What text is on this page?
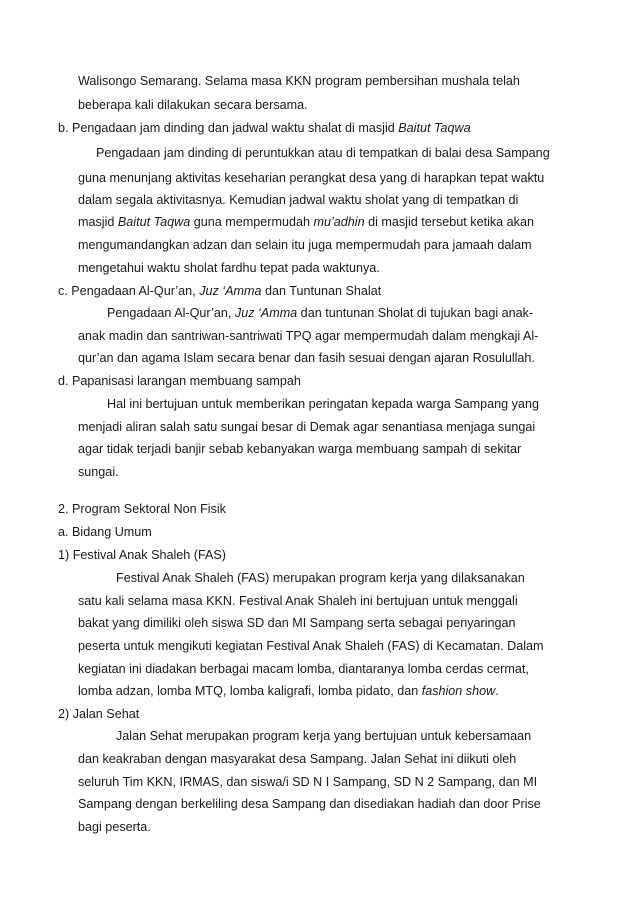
Walisongo Semarang. Selama masa KKN program pembersihan mushala telah
beberapa kali dilakukan secara bersama.
b. Pengadaan jam dinding dan jadwal waktu shalat di masjid Baitut Taqwa
Pengadaan jam dinding di peruntukkan atau di tempatkan di balai desa Sampang
guna menunjang aktivitas keseharian perangkat desa yang di harapkan tepat waktu
dalam segala aktivitasnya. Kemudian jadwal waktu sholat yang di tempatkan di
masjid Baitut Taqwa guna mempermudah mu’adhin di masjid tersebut ketika akan
mengumandangkan adzan dan selain itu juga mempermudah para jamaah dalam
mengetahui waktu sholat fardhu tepat pada waktunya.
c. Pengadaan Al-Qur’an, Juz ‘Amma dan Tuntunan Shalat
Pengadaan Al-Qur’an, Juz ‘Amma dan tuntunan Sholat di tujukan bagi anak-
anak madin dan santriwan-santriwati TPQ agar mempermudah dalam mengkaji Al-
qur’an dan agama Islam secara benar dan fasih sesuai dengan ajaran Rosulullah.
d. Papanisasi larangan membuang sampah
Hal ini bertujuan untuk memberikan peringatan kepada warga Sampang yang
menjadi aliran salah satu sungai besar di Demak agar senantiasa menjaga sungai
agar tidak terjadi banjir sebab kebanyakan warga membuang sampah di sekitar
sungai.
2. Program Sektoral Non Fisik
a. Bidang Umum
1) Festival Anak Shaleh (FAS)
Festival Anak Shaleh (FAS) merupakan program kerja yang dilaksanakan
satu kali selama masa KKN. Festival Anak Shaleh ini bertujuan untuk menggali
bakat yang dimiliki oleh siswa SD dan MI Sampang serta sebagai penyaringan
peserta untuk mengikuti kegiatan Festival Anak Shaleh (FAS) di Kecamatan. Dalam
kegiatan ini diadakan berbagai macam lomba, diantaranya lomba cerdas cermat,
lomba adzan, lomba MTQ, lomba kaligrafi, lomba pidato, dan fashion show.
2) Jalan Sehat
Jalan Sehat merupakan program kerja yang bertujuan untuk kebersamaan
dan keakraban dengan masyarakat desa Sampang. Jalan Sehat ini diikuti oleh
seluruh Tim KKN, IRMAS, dan siswa/i SD N I Sampang, SD N 2 Sampang, dan MI
Sampang dengan berkeliling desa Sampang dan disediakan hadiah dan door Prise
bagi peserta.
